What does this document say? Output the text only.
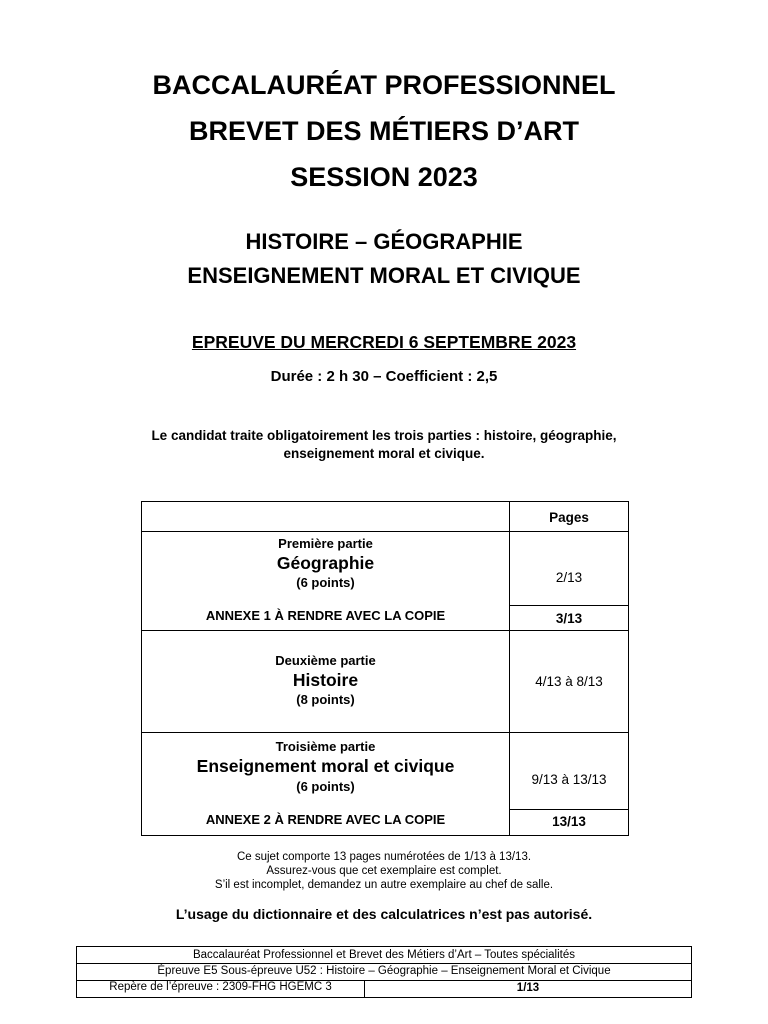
BACCALAURÉAT PROFESSIONNEL
BREVET DES MÉTIERS D’ART
SESSION 2023
HISTOIRE – GÉOGRAPHIE
ENSEIGNEMENT MORAL ET CIVIQUE
EPREUVE DU MERCREDI 6 SEPTEMBRE 2023
Durée : 2 h 30 – Coefficient : 2,5
Le candidat traite obligatoirement les trois parties : histoire, géographie,
enseignement moral et civique.
Pages
Première partie
Géographie
(6 points)
ANNEXE 1 À RENDRE AVEC LA COPIE
2/13
3/13
Deuxième partie
Histoire
(8 points)
4/13 à 8/13
Troisième partie
Enseignement moral et civique
(6 points)
ANNEXE 2 À RENDRE AVEC LA COPIE
9/13 à 13/13
13/13
Ce sujet comporte 13 pages numérotées de 1/13 à 13/13.
Assurez-vous que cet exemplaire est complet.
S’il est incomplet, demandez un autre exemplaire au chef de salle.
L’usage du dictionnaire et des calculatrices n’est pas autorisé.
Baccalauréat Professionnel et Brevet des Métiers d’Art – Toutes spécialités
Épreuve E5 Sous-épreuve U52 : Histoire – Géographie – Enseignement Moral et Civique
Repère de l’épreuve : 2309-FHG HGEMC 3	1/13
